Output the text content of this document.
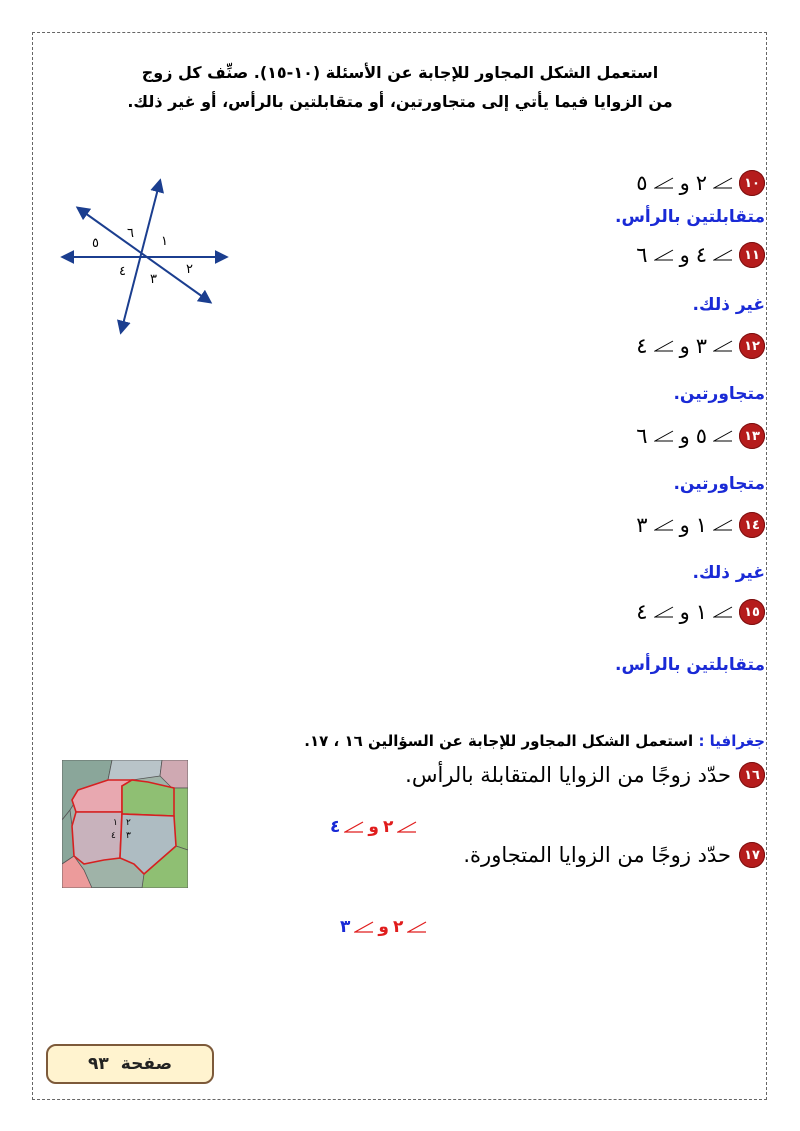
استعمل الشكل المجاور للإجابة عن الأسئلة (١٠-١٥). صنِّف كل زوج
من الزوايا فيما يأتي إلى متجاورتين، أو متقابلتين بالرأس، أو غير ذلك.
١٠
٢
و
٥
متقابلتين بالرأس.
١١
٤
و
٦
غير ذلك.
١٢
٣
و
٤
متجاورتين.
١٣
٥
و
٦
متجاورتين.
١٤
١
و
٣
غير ذلك.
١٥
١
و
٤
متقابلتين بالرأس.
١
٢
٣
٤
٥
٦
جغرافيا : استعمل الشكل المجاور للإجابة عن السؤالين ١٦ ، ١٧.
١٦
حدّد زوجًا من الزوايا المتقابلة بالرأس.
٢
و
٤
١٧
حدّد زوجًا من الزوايا المتجاورة.
٢
و
٣
١ ٢
٣
٤
صفحة
٩٣
